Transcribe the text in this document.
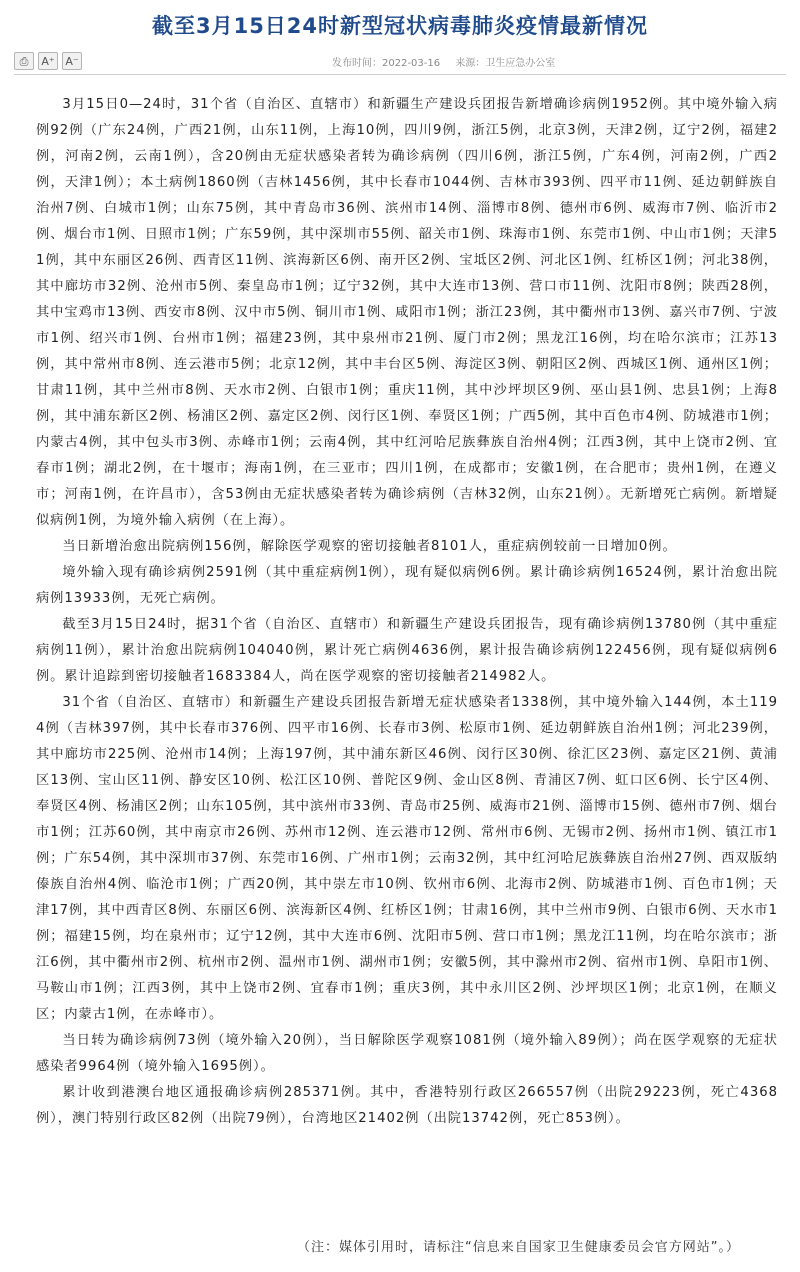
截至3月15日24时新型冠状病毒肺炎疫情最新情况
⎙	A⁺ A⁻	发布时间：2022-03-16 来源：卫生应急办公室

3月15日0—24时，31个省（自治区、直辖市）和新疆生产建设兵团报告新增确诊病例1952例。其中境外输入病例92例（广东24例，广西21例，山东11例，上海10例，四川9例，浙江5例，北京3例，天津2例，辽宁2例，福建2例，河南2例，云南1例），含20例由无症状感染者转为确诊病例（四川6例，浙江5例，广东4例，河南2例，广西2例，天津1例）；本土病例1860例（吉林1456例，其中长春市1044例、吉林市393例、四平市11例、延边朝鲜族自治州7例、白城市1例；山东75例，其中青岛市36例、滨州市14例、淄博市8例、德州市6例、威海市7例、临沂市2例、烟台市1例、日照市1例；广东59例，其中深圳市55例、韶关市1例、珠海市1例、东莞市1例、中山市1例；天津51例，其中东丽区26例、西青区11例、滨海新区6例、南开区2例、宝坻区2例、河北区1例、红桥区1例；河北38例，其中廊坊市32例、沧州市5例、秦皇岛市1例；辽宁32例，其中大连市13例、营口市11例、沈阳市8例；陕西28例，其中宝鸡市13例、西安市8例、汉中市5例、铜川市1例、咸阳市1例；浙江23例，其中衢州市13例、嘉兴市7例、宁波市1例、绍兴市1例、台州市1例；福建23例，其中泉州市21例、厦门市2例；黑龙江16例，均在哈尔滨市；江苏13例，其中常州市8例、连云港市5例；北京12例，其中丰台区5例、海淀区3例、朝阳区2例、西城区1例、通州区1例；甘肃11例，其中兰州市8例、天水市2例、白银市1例；重庆11例，其中沙坪坝区9例、巫山县1例、忠县1例；上海8例，其中浦东新区2例、杨浦区2例、嘉定区2例、闵行区1例、奉贤区1例；广西5例，其中百色市4例、防城港市1例；内蒙古4例，其中包头市3例、赤峰市1例；云南4例，其中红河哈尼族彝族自治州4例；江西3例，其中上饶市2例、宜春市1例；湖北2例，在十堰市；海南1例，在三亚市；四川1例，在成都市；安徽1例，在合肥市；贵州1例，在遵义市；河南1例，在许昌市），含53例由无症状感染者转为确诊病例（吉林32例，山东21例）。无新增死亡病例。新增疑似病例1例，为境外输入病例（在上海）。

当日新增治愈出院病例156例，解除医学观察的密切接触者8101人，重症病例较前一日增加0例。

境外输入现有确诊病例2591例（其中重症病例1例），现有疑似病例6例。累计确诊病例16524例，累计治愈出院病例13933例，无死亡病例。

截至3月15日24时，据31个省（自治区、直辖市）和新疆生产建设兵团报告，现有确诊病例13780例（其中重症病例11例），累计治愈出院病例104040例，累计死亡病例4636例，累计报告确诊病例122456例，现有疑似病例6例。累计追踪到密切接触者1683384人，尚在医学观察的密切接触者214982人。

31个省（自治区、直辖市）和新疆生产建设兵团报告新增无症状感染者1338例，其中境外输入144例，本土1194例（吉林397例，其中长春市376例、四平市16例、长春市3例、松原市1例、延边朝鲜族自治州1例；河北239例，其中廊坊市225例、沧州市14例；上海197例，其中浦东新区46例、闵行区30例、徐汇区23例、嘉定区21例、黄浦区13例、宝山区11例、静安区10例、松江区10例、普陀区9例、金山区8例、青浦区7例、虹口区6例、长宁区4例、奉贤区4例、杨浦区2例；山东105例，其中滨州市33例、青岛市25例、威海市21例、淄博市15例、德州市7例、烟台市1例；江苏60例，其中南京市26例、苏州市12例、连云港市12例、常州市6例、无锡市2例、扬州市1例、镇江市1例；广东54例，其中深圳市37例、东莞市16例、广州市1例；云南32例，其中红河哈尼族彝族自治州27例、西双版纳傣族自治州4例、临沧市1例；广西20例，其中崇左市10例、钦州市6例、北海市2例、防城港市1例、百色市1例；天津17例，其中西青区8例、东丽区6例、滨海新区4例、红桥区1例；甘肃16例，其中兰州市9例、白银市6例、天水市1例；福建15例，均在泉州市；辽宁12例，其中大连市6例、沈阳市5例、营口市1例；黑龙江11例，均在哈尔滨市；浙江6例，其中衢州市2例、杭州市2例、温州市1例、湖州市1例；安徽5例，其中滁州市2例、宿州市1例、阜阳市1例、马鞍山市1例；江西3例，其中上饶市2例、宜春市1例；重庆3例，其中永川区2例、沙坪坝区1例；北京1例，在顺义区；内蒙古1例，在赤峰市）。

当日转为确诊病例73例（境外输入20例），当日解除医学观察1081例（境外输入89例）；尚在医学观察的无症状感染者9964例（境外输入1695例）。

累计收到港澳台地区通报确诊病例285371例。其中，香港特别行政区266557例（出院29223例，死亡4368例），澳门特别行政区82例（出院79例），台湾地区21402例（出院13742例，死亡853例）。

（注：媒体引用时，请标注“信息来自国家卫生健康委员会官方网站”。）
